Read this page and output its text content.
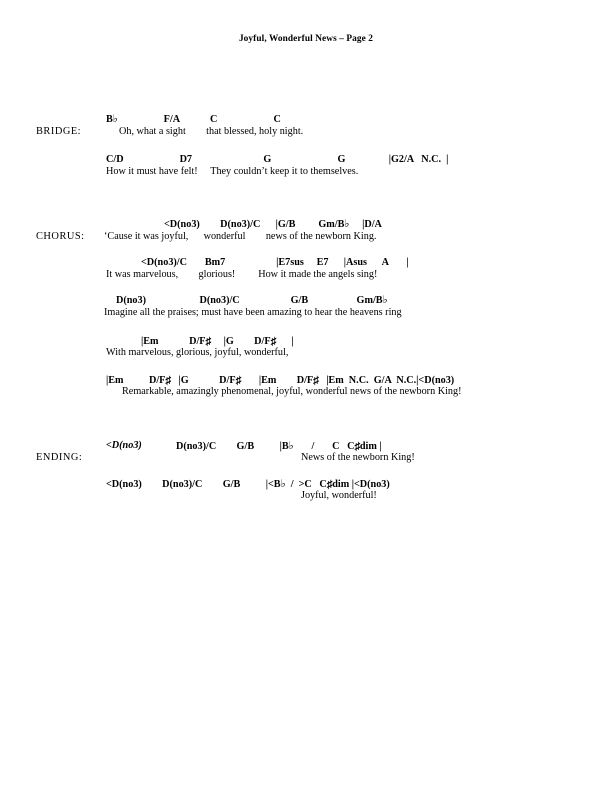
Joyful, Wonderful News – Page 2
BRIDGE:
B♭                  F/A            C                      C
Oh, what a sight        that blessed, holy night.
C/D                      D7                            G                          G                 |G2/A   N.C.  |
How it must have felt!     They couldn’t keep it to themselves.
CHORUS:
<D(no3)        D(no3)/C      |G/B         Gm/B♭     |D/A
‘Cause it was joyful,      wonderful        news of the newborn King.
<D(no3)/C       Bm7                    |E7sus     E7      |Asus      A       |
It was marvelous,        glorious!         How it made the angels sing!
D(no3)                     D(no3)/C                    G/B                   Gm/B♭
Imagine all the praises; must have been amazing to hear the heavens ring
|Em            D/F♯     |G        D/F♯      |
With marvelous, glorious, joyful, wonderful,
|Em          D/F♯   |G            D/F♯       |Em        D/F♯   |Em  N.C.  G/A  N.C.|<D(no3)
Remarkable, amazingly phenomenal, joyful, wonderful news of the newborn King!
ENDING:
<D(no3)	D(no3)/C        G/B          |B♭       /       C   C♯dim |
News of the newborn King!
<D(no3)        D(no3)/C        G/B          |<B♭  /  >C   C♯dim |<D(no3)
Joyful, wonderful!
